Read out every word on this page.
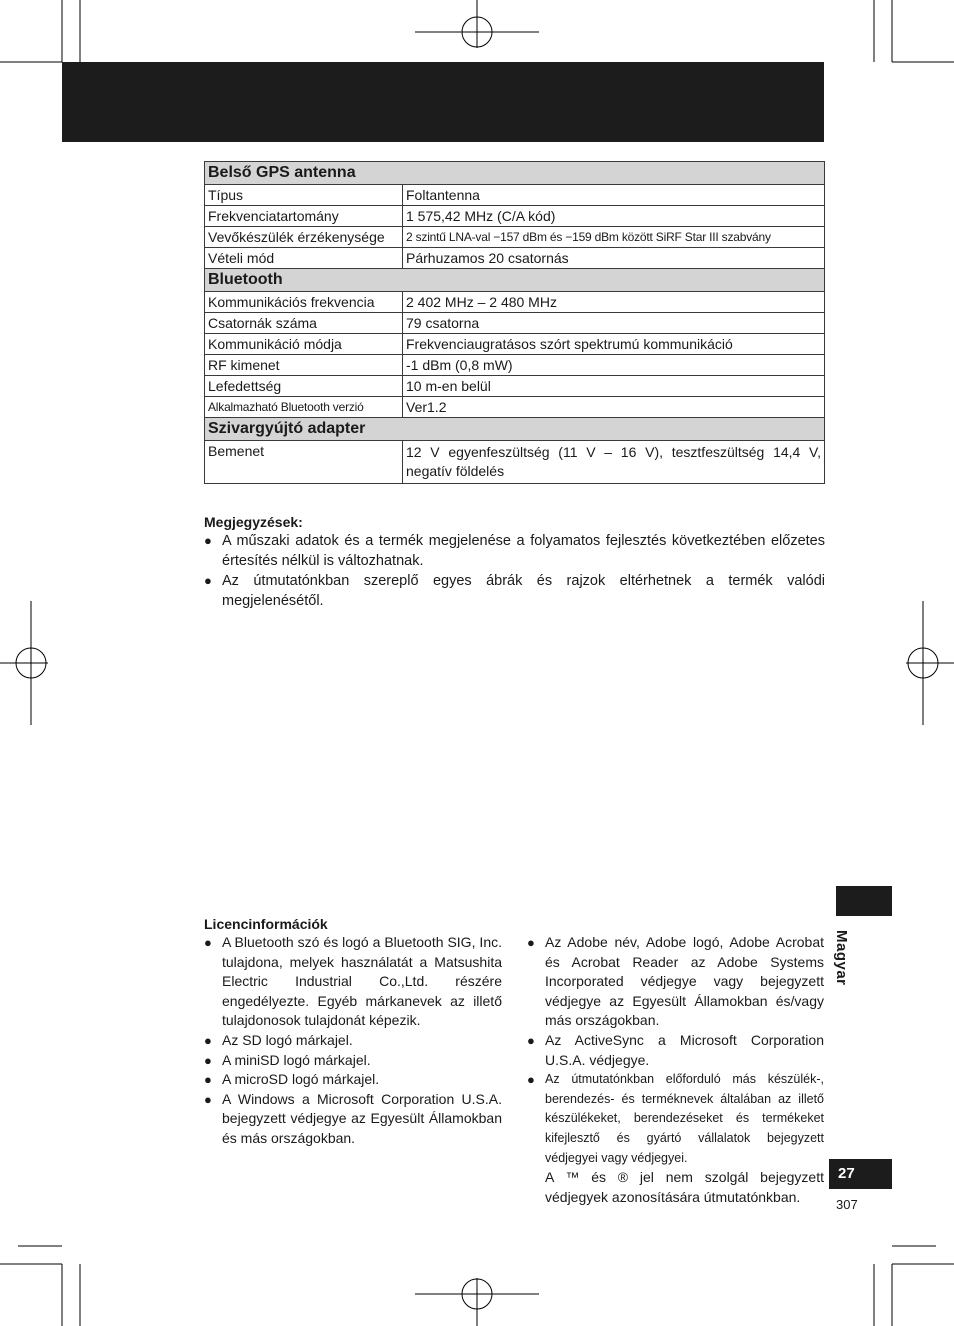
Belső GPS antenna	
Típus	Foltantenna
Frekvenciatartomány	1 575,42 MHz (C/A kód)
Vevőkészülék érzékenysége	2 szintű LNA-val −157 dBm és −159 dBm között SiRF Star III szabvány
Vételi mód	Párhuzamos 20 csatornás
Bluetooth	
Kommunikációs frekvencia	2 402 MHz – 2 480 MHz
Csatornák száma	79 csatorna
Kommunikáció módja	Frekvenciaugratásos szórt spektrumú kommunikáció
RF kimenet	-1 dBm (0,8 mW)
Lefedettség	10 m-en belül
Alkalmazható Bluetooth verzió	Ver1.2
Szivargyújtó adapter	
Bemenet	12 V egyenfeszültség (11 V – 16 V), tesztfeszültség 14,4 V, negatív földelés
Megjegyzések:
● A műszaki adatok és a termék megjelenése a folyamatos fejlesztés következtében előzetes értesítés nélkül is változhatnak.
● Az útmutatónkban szereplő egyes ábrák és rajzok eltérhetnek a termék valódi megjelenésétől.
Licencinformációk
● A Bluetooth szó és logó a Bluetooth SIG, Inc. tulajdona, melyek használatát a Matsushita Electric Industrial Co.,Ltd. részére engedélyezte. Egyéb márkanevek az illető tulajdonosok tulajdonát képezik.
● Az SD logó márkajel.
● A miniSD logó márkajel.
● A microSD logó márkajel.
● A Windows a Microsoft Corporation U.S.A. bejegyzett védjegye az Egyesült Államokban és más országokban.
● Az Adobe név, Adobe logó, Adobe Acrobat és Acrobat Reader az Adobe Systems Incorporated védjegye vagy bejegyzett védjegye az Egyesült Államokban és/vagy más országokban.
● Az ActiveSync a Microsoft Corporation U.S.A. védjegye.
● Az útmutatónkban előforduló más készülék-, berendezés- és terméknevek általában az illető készülékeket, berendezéseket és termékeket kifejlesztő és gyártó vállalatok bejegyzett védjegyei vagy védjegyei.
A ™ és ® jel nem szolgál bejegyzett védjegyek azonosítására útmutatónkban.
Magyar
27
307
